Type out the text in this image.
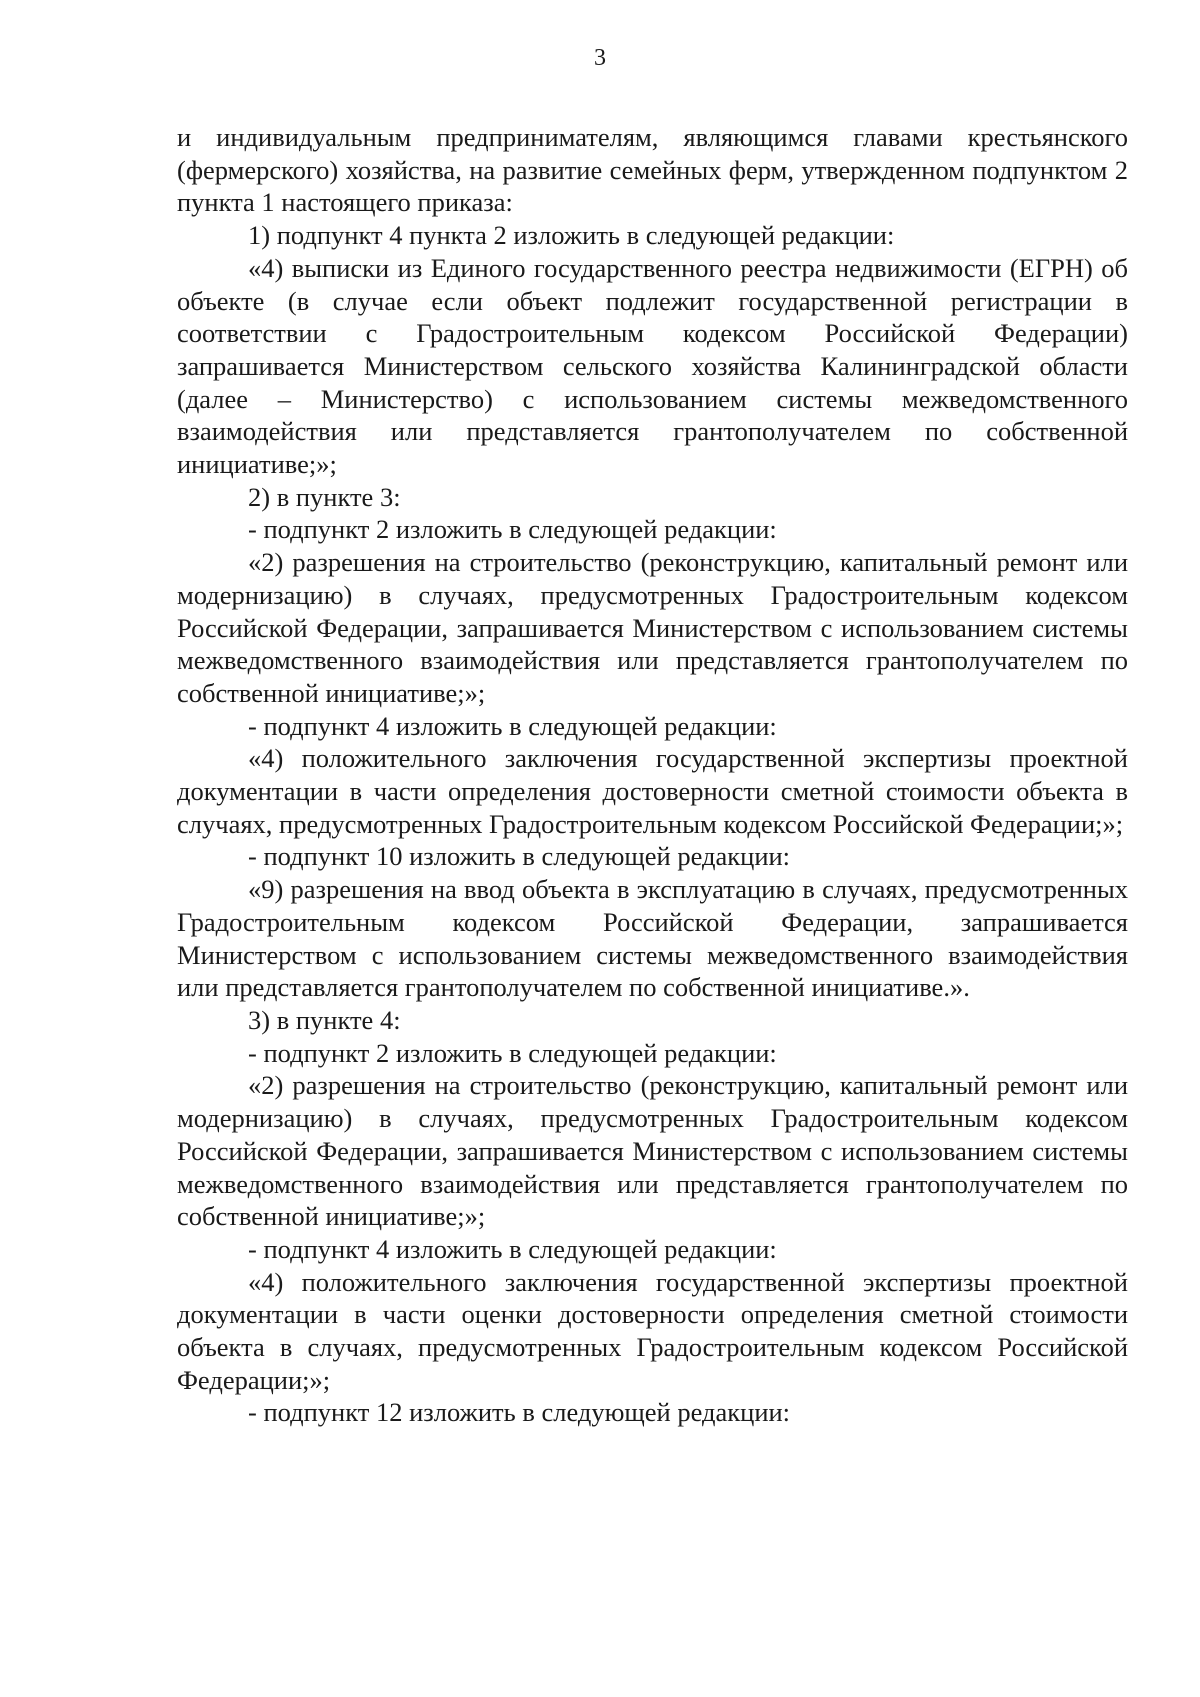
3

и индивидуальным предпринимателям, являющимся главами крестьянского (фермерского) хозяйства, на развитие семейных ферм, утвержденном подпунктом 2 пункта 1 настоящего приказа:

1) подпункт 4 пункта 2 изложить в следующей редакции:

«4) выписки из Единого государственного реестра недвижимости (ЕГРН) об объекте (в случае если объект подлежит государственной регистрации в соответствии с Градостроительным кодексом Российской Федерации) запрашивается Министерством сельского хозяйства Калининградской области (далее – Министерство) с использованием системы межведомственного взаимодействия или представляется грантополучателем по собственной инициативе;»;

2) в пункте 3:

- подпункт 2 изложить в следующей редакции:

«2) разрешения на строительство (реконструкцию, капитальный ремонт или модернизацию) в случаях, предусмотренных Градостроительным кодексом Российской Федерации, запрашивается Министерством с использованием системы межведомственного взаимодействия или представляется грантополучателем по собственной инициативе;»;

- подпункт 4 изложить в следующей редакции:

«4) положительного заключения государственной экспертизы проектной документации в части определения достоверности сметной стоимости объекта в случаях, предусмотренных Градостроительным кодексом Российской Федерации;»;

- подпункт 10 изложить в следующей редакции:

«9) разрешения на ввод объекта в эксплуатацию в случаях, предусмотренных Градостроительным кодексом Российской Федерации, запрашивается Министерством с использованием системы межведомственного взаимодействия или представляется грантополучателем по собственной инициативе.».

3) в пункте 4:

- подпункт 2 изложить в следующей редакции:

«2) разрешения на строительство (реконструкцию, капитальный ремонт или модернизацию) в случаях, предусмотренных Градостроительным кодексом Российской Федерации, запрашивается Министерством с использованием системы межведомственного взаимодействия или представляется грантополучателем по собственной инициативе;»;

- подпункт 4 изложить в следующей редакции:

«4) положительного заключения государственной экспертизы проектной документации в части оценки достоверности определения сметной стоимости объекта в случаях, предусмотренных Градостроительным кодексом Российской Федерации;»;

- подпункт 12 изложить в следующей редакции:
